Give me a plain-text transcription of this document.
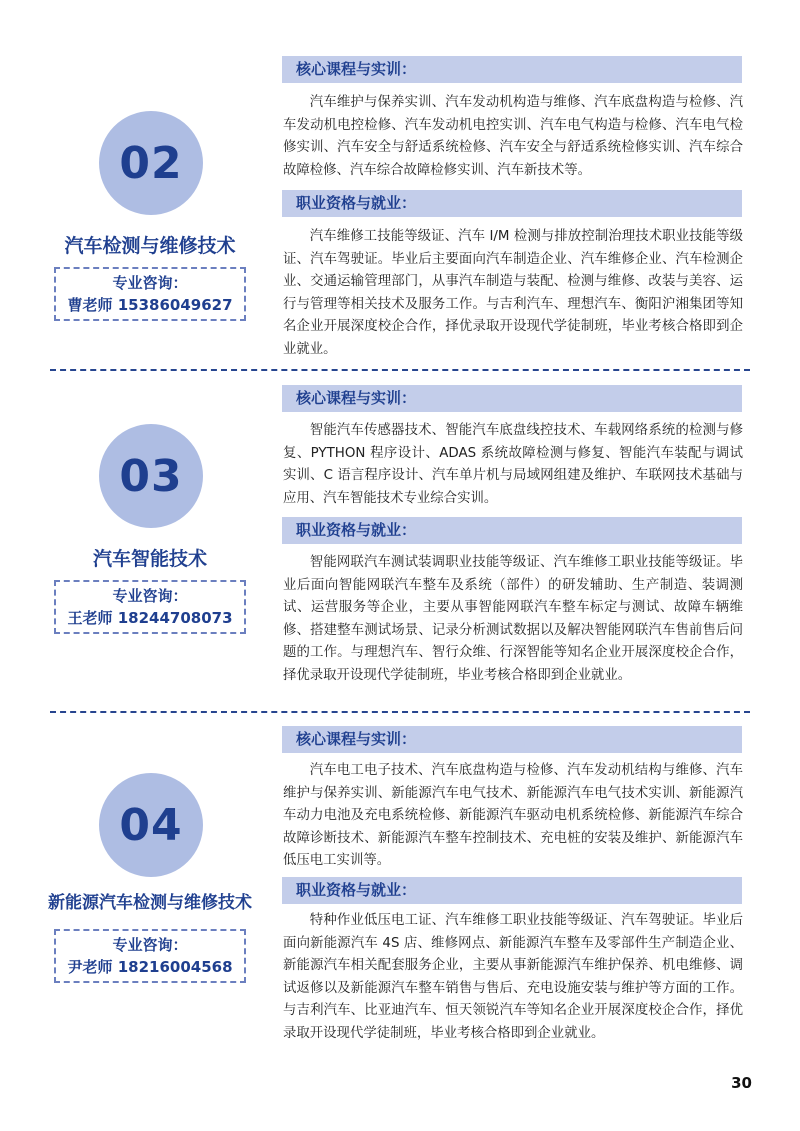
02
汽车检测与维修技术
专业咨询：
曹老师 15386049627
核心课程与实训：

汽车维护与保养实训、汽车发动机构造与维修、汽车底盘构造与检修、汽车发动机电控检修、汽车发动机电控实训、汽车电气构造与检修、汽车电气检修实训、汽车安全与舒适系统检修、汽车安全与舒适系统检修实训、汽车综合故障检修、汽车综合故障检修实训、汽车新技术等。

职业资格与就业：

汽车维修工技能等级证、汽车 I/M 检测与排放控制治理技术职业技能等级证、汽车驾驶证。毕业后主要面向汽车制造企业、汽车维修企业、汽车检测企业、交通运输管理部门，从事汽车制造与装配、检测与维修、改装与美容、运行与管理等相关技术及服务工作。与吉利汽车、理想汽车、衡阳沪湘集团等知名企业开展深度校企合作，择优录取开设现代学徒制班，毕业考核合格即到企业就业。

03
汽车智能技术
专业咨询：
王老师 18244708073
核心课程与实训：

智能汽车传感器技术、智能汽车底盘线控技术、车载网络系统的检测与修复、PYTHON 程序设计、ADAS 系统故障检测与修复、智能汽车装配与调试实训、C 语言程序设计、汽车单片机与局域网组建及维护、车联网技术基础与应用、汽车智能技术专业综合实训。

职业资格与就业：

智能网联汽车测试装调职业技能等级证、汽车维修工职业技能等级证。毕业后面向智能网联汽车整车及系统（部件）的研发辅助、生产制造、装调测试、运营服务等企业，主要从事智能网联汽车整车标定与测试、故障车辆维修、搭建整车测试场景、记录分析测试数据以及解决智能网联汽车售前售后问题的工作。与理想汽车、智行众维、行深智能等知名企业开展深度校企合作，择优录取开设现代学徒制班，毕业考核合格即到企业就业。

04
新能源汽车检测与维修技术
专业咨询：
尹老师 18216004568
核心课程与实训：

汽车电工电子技术、汽车底盘构造与检修、汽车发动机结构与维修、汽车维护与保养实训、新能源汽车电气技术、新能源汽车电气技术实训、新能源汽车动力电池及充电系统检修、新能源汽车驱动电机系统检修、新能源汽车综合故障诊断技术、新能源汽车整车控制技术、充电桩的安装及维护、新能源汽车低压电工实训等。

职业资格与就业：

特种作业低压电工证、汽车维修工职业技能等级证、汽车驾驶证。毕业后面向新能源汽车 4S 店、维修网点、新能源汽车整车及零部件生产制造企业、新能源汽车相关配套服务企业，主要从事新能源汽车维护保养、机电维修、调试返修以及新能源汽车整车销售与售后、充电设施安装与维护等方面的工作。与吉利汽车、比亚迪汽车、恒天领锐汽车等知名企业开展深度校企合作，择优录取开设现代学徒制班，毕业考核合格即到企业就业。

30
